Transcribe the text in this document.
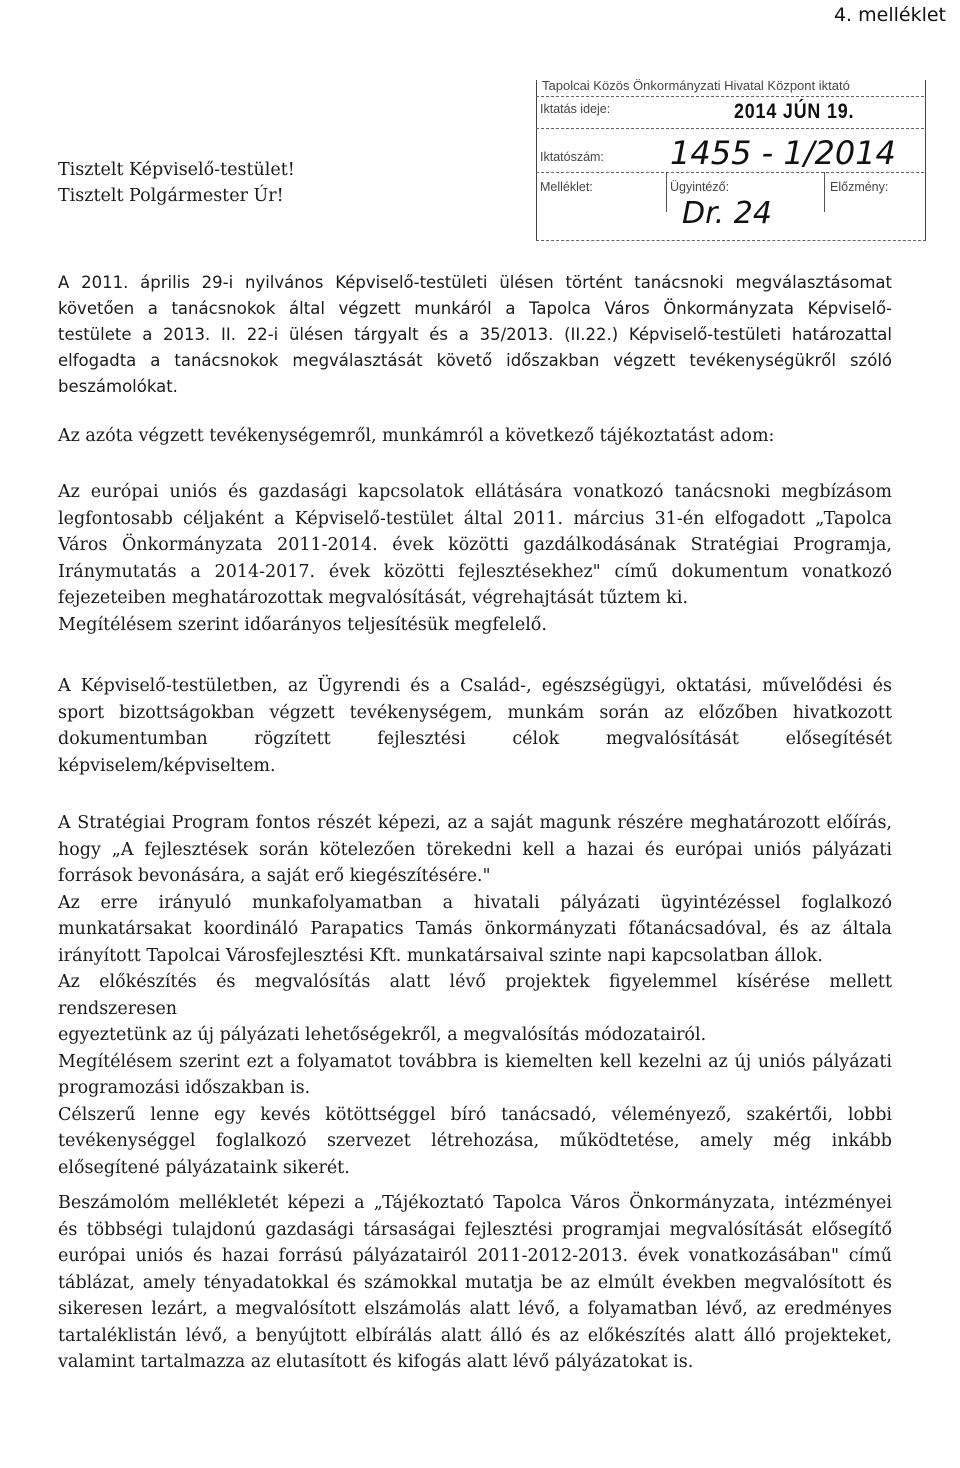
4. melléklet
Tapolcai Közös Önkormányzati Hivatal Központ iktató
Iktatás ideje:	2014 JÚN 19.
Iktatószám: 1455 - 1/2014
Melléklet:	Ügyintéző:	Előzmény:
Dr. 24
Tisztelt Képviselő-testület!
Tisztelt Polgármester Úr!
A 2011. április 29-i nyilvános Képviselő-testületi ülésen történt tanácsnoki megválasztásomat
követően a tanácsnokok által végzett munkáról a Tapolca Város Önkormányzata Képviselő-
testülete a 2013. II. 22-i ülésen tárgyalt és a 35/2013. (II.22.) Képviselő-testületi határozattal
elfogadta a tanácsnokok megválasztását követő időszakban végzett tevékenységükről szóló
beszámolókat.
Az azóta végzett tevékenységemről, munkámról a következő tájékoztatást adom:
Az európai uniós és gazdasági kapcsolatok ellátására vonatkozó tanácsnoki megbízásom
legfontosabb céljaként a Képviselő-testület által 2011. március 31-én elfogadott „Tapolca
Város Önkormányzata 2011-2014. évek közötti gazdálkodásának Stratégiai Programja,
Iránymutatás a 2014-2017. évek közötti fejlesztésekhez" című dokumentum vonatkozó
fejezeteiben meghatározottak megvalósítását, végrehajtását tűztem ki.
Megítélésem szerint időarányos teljesítésük megfelelő.
A Képviselő-testületben, az Ügyrendi és a Család-, egészségügyi, oktatási, művelődési és
sport bizottságokban végzett tevékenységem, munkám során az előzőben hivatkozott
dokumentumban rögzített fejlesztési célok megvalósítását elősegítését
képviselem/képviseltem.
A Stratégiai Program fontos részét képezi, az a saját magunk részére meghatározott előírás,
hogy „A fejlesztések során kötelezően törekedni kell a hazai és európai uniós pályázati
források bevonására, a saját erő kiegészítésére."
Az erre irányuló munkafolyamatban a hivatali pályázati ügyintézéssel foglalkozó
munkatársakat koordináló Parapatics Tamás önkormányzati főtanácsadóval, és az általa
irányított Tapolcai Városfejlesztési Kft. munkatársaival szinte napi kapcsolatban állok.
Az előkészítés és megvalósítás alatt lévő projektek figyelemmel kísérése mellett rendszeresen
egyeztetünk az új pályázati lehetőségekről, a megvalósítás módozatairól.
Megítélésem szerint ezt a folyamatot továbbra is kiemelten kell kezelni az új uniós pályázati
programozási időszakban is.
Célszerű lenne egy kevés kötöttséggel bíró tanácsadó, véleményező, szakértői, lobbi
tevékenységgel foglalkozó szervezet létrehozása, működtetése, amely még inkább
elősegítené pályázataink sikerét.
Beszámolóm mellékletét képezi a „Tájékoztató Tapolca Város Önkormányzata, intézményei
és többségi tulajdonú gazdasági társaságai fejlesztési programjai megvalósítását elősegítő
európai uniós és hazai forrású pályázatairól 2011-2012-2013. évek vonatkozásában" című
táblázat, amely tényadatokkal és számokkal mutatja be az elmúlt években megvalósított és
sikeresen lezárt, a megvalósított elszámolás alatt lévő, a folyamatban lévő, az eredményes
tartaléklistán lévő, a benyújtott elbírálás alatt álló és az előkészítés alatt álló projekteket,
valamint tartalmazza az elutasított és kifogás alatt lévő pályázatokat is.
